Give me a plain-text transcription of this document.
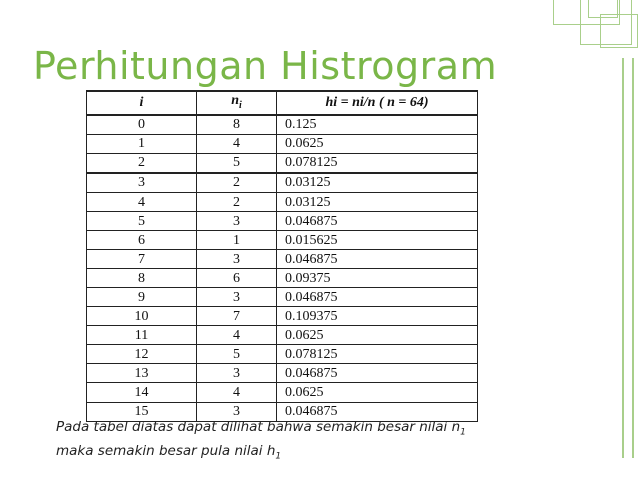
Perhitungan Histrogram
i	$n_i$	hi = ni/n ( n = 64)
0	8	0.125
1	4	0.0625
2	5	0.078125
3	2	0.03125
4	2	0.03125
5	3	0.046875
6	1	0.015625
7	3	0.046875
8	6	0.09375
9	3	0.046875
10	7	0.109375
11	4	0.0625
12	5	0.078125
13	3	0.046875
14	4	0.0625
15	3	0.046875
Pada tabel diatas dapat dilihat bahwa semakin besar nilai $n_1$
maka semakin besar pula nilai $h_1$
